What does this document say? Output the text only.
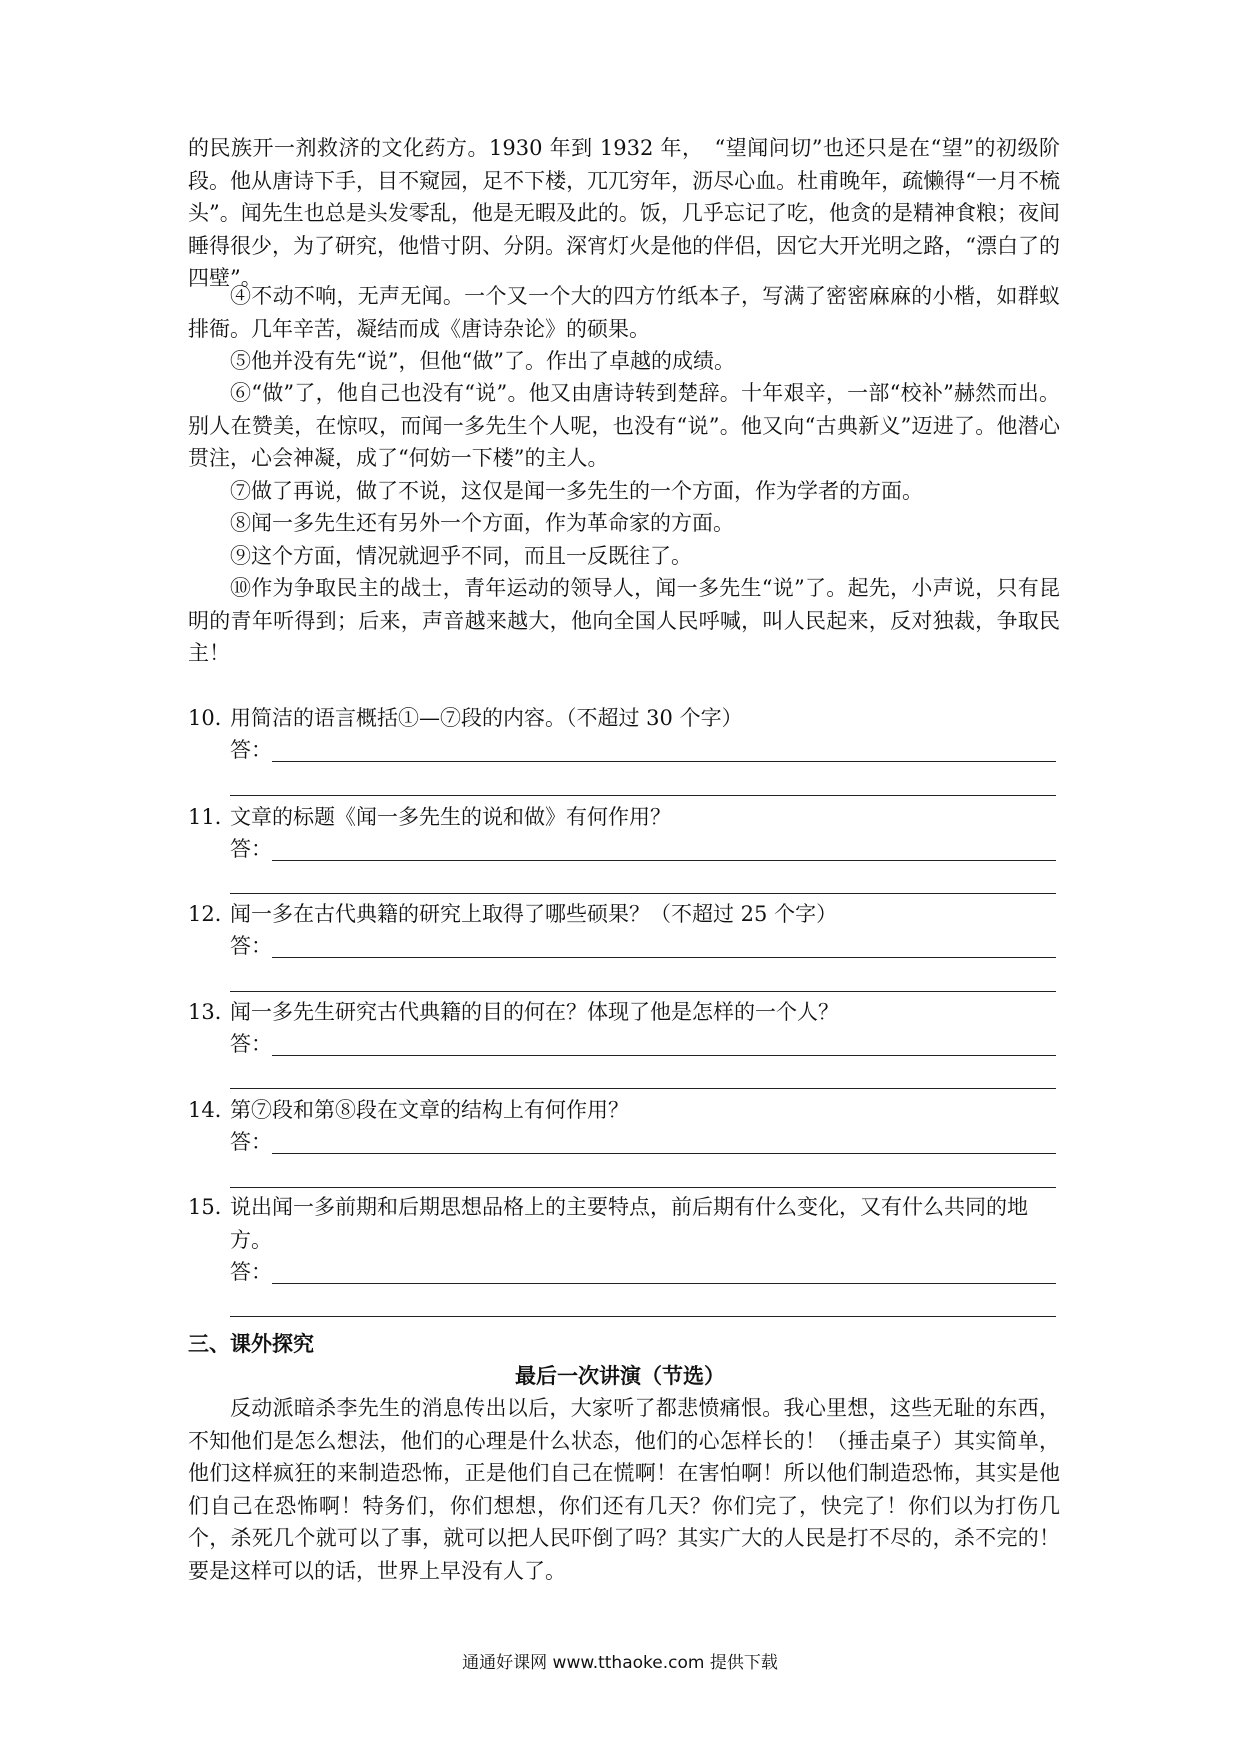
的民族开一剂救济的文化药方。1930 年到 1932 年，　“望闻问切”也还只是在“望”的初级阶段。他从唐诗下手，目不窥园，足不下楼，兀兀穷年，沥尽心血。杜甫晚年，疏懒得“一月不梳头”。闻先生也总是头发零乱，他是无暇及此的。饭，几乎忘记了吃，他贪的是精神食粮；夜间睡得很少，为了研究，他惜寸阴、分阴。深宵灯火是他的伴侣，因它大开光明之路，“漂白了的四壁”。

④不动不响，无声无闻。一个又一个大的四方竹纸本子，写满了密密麻麻的小楷，如群蚁排衙。几年辛苦，凝结而成《唐诗杂论》的硕果。

⑤他并没有先“说”，但他“做”了。作出了卓越的成绩。

⑥“做”了，他自己也没有“说”。他又由唐诗转到楚辞。十年艰辛，一部“校补”赫然而出。别人在赞美，在惊叹，而闻一多先生个人呢，也没有“说”。他又向“古典新义”迈进了。他潜心贯注，心会神凝，成了“何妨一下楼”的主人。

⑦做了再说，做了不说，这仅是闻一多先生的一个方面，作为学者的方面。

⑧闻一多先生还有另外一个方面，作为革命家的方面。

⑨这个方面，情况就迥乎不同，而且一反既往了。

⑩作为争取民主的战士，青年运动的领导人，闻一多先生“说”了。起先，小声说，只有昆明的青年听得到；后来，声音越来越大，他向全国人民呼喊，叫人民起来，反对独裁，争取民主！

10．用简洁的语言概括①—⑦段的内容。（不超过 30 个字）
答：
11．文章的标题《闻一多先生的说和做》有何作用？
答：
12．闻一多在古代典籍的研究上取得了哪些硕果？（不超过 25 个字）
答：
13．闻一多先生研究古代典籍的目的何在？体现了他是怎样的一个人？
答：
14．第⑦段和第⑧段在文章的结构上有何作用？
答：
15．
说出闻一多前期和后期思想品格上的主要特点，前后期有什么变化，又有什么共同的地方。
答：
三、课外探究
最后一次讲演（节选）

反动派暗杀李先生的消息传出以后，大家听了都悲愤痛恨。我心里想，这些无耻的东西，不知他们是怎么想法，他们的心理是什么状态，他们的心怎样长的！（捶击桌子）其实简单，他们这样疯狂的来制造恐怖，正是他们自己在慌啊！在害怕啊！所以他们制造恐怖，其实是他们自己在恐怖啊！特务们，你们想想，你们还有几天？你们完了，快完了！你们以为打伤几个，杀死几个就可以了事，就可以把人民吓倒了吗？其实广大的人民是打不尽的，杀不完的！要是这样可以的话，世界上早没有人了。

通通好课网 www.tthaoke.com 提供下载
